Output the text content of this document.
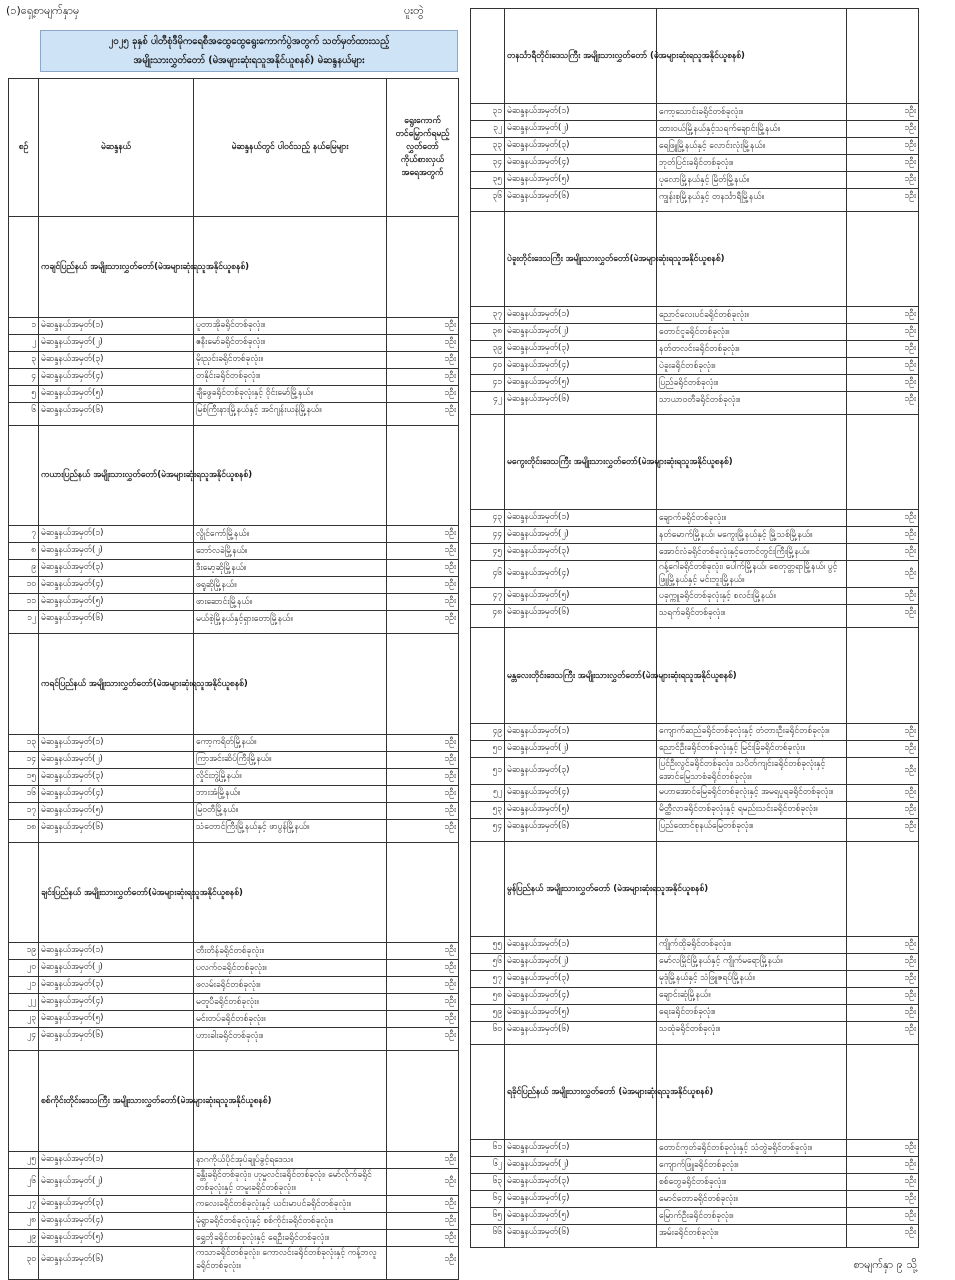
(၁)ရှေ့စာမျက်နှာမှ	ပူးတွဲ
၂၀၂၅ ခုနှစ် ပါတီစုံဒီမိုကရေစီအထွေထွေရွေးကောက်ပွဲအတွက် သတ်မှတ်ထားသည့်
အမျိုးသားလွှတ်တော် (မဲအများဆုံးရသူအနိုင်ယူစနစ်) မဲဆန္ဒနယ်များ
စဉ်	မဲဆန္ဒနယ်	မဲဆန္ဒနယ်တွင် ပါဝင်သည့် နယ်မြေများ	ရွေးကောက်တင်မြှောက်ရမည့် လွှတ်တော်ကိုယ်စားလှယ်အရေအတွက်
	ကချင်ပြည်နယ် အမျိုးသားလွှတ်တော်(မဲအများဆုံးရသူအနိုင်ယူစနစ်)		
၁	မဲဆန္ဒနယ်အမှတ်(၁)	ပူတာအိုခရိုင်တစ်ခုလုံး။	၁ဦး
၂	မဲဆန္ဒနယ်အမှတ်(၂)	ဧနီးမော်ခရိုင်တစ်ခုလုံး။	၁ဦး
၃	မဲဆန္ဒနယ်အမှတ်(၃)	မိုးညှင်းခရိုင်တစ်ခုလုံး။	၁ဦး
၄	မဲဆန္ဒနယ်အမှတ်(၄)	တနိုင်းခရိုင်တစ်ခုလုံး။	၁ဦး
၅	မဲဆန္ဒနယ်အမှတ်(၅)	ချီဖွေခရိုင်တစ်ခုလုံးနှင့် ဝိုင်းမော်မြို့နယ်။	၁ဦး
၆	မဲဆန္ဒနယ်အမှတ်(၆)	မြစ်ကြီးနားမြို့နယ်နှင့် အင်ဂျန်းယန်မြို့နယ်။	၁ဦး
	ကယားပြည်နယ် အမျိုးသားလွှတ်တော်(မဲအများဆုံးရသူအနိုင်ယူစနစ်)		
၇	မဲဆန္ဒနယ်အမှတ်(၁)	လွိုင်ကော်မြို့နယ်။	၁ဦး
၈	မဲဆန္ဒနယ်အမှတ်(၂)	ဘော်လခဲမြို့နယ်။	၁ဦး
၉	မဲဆန္ဒနယ်အမှတ်(၃)	ဒီးမော့ဆိုမြို့နယ်။	၁ဦး
၁၀	မဲဆန္ဒနယ်အမှတ်(၄)	ဖရူဆိုမြို့နယ်။	၁ဦး
၁၁	မဲဆန္ဒနယ်အမှတ်(၅)	ဖားဆောင်းမြို့နယ်။	၁ဦး
၁၂	မဲဆန္ဒနယ်အမှတ်(၆)	မယ်စဲ့မြို့နယ်နှင့်ရှားတောမြို့နယ်။	၁ဦး
	ကရင်ပြည်နယ် အမျိုးသားလွှတ်တော်(မဲအများဆုံးရသူအနိုင်ယူစနစ်)		
၁၃	မဲဆန္ဒနယ်အမှတ်(၁)	ကော့ကရိတ်မြို့နယ်။	၁ဦး
၁၄	မဲဆန္ဒနယ်အမှတ်(၂)	ကြာအင်းဆိပ်ကြီးမြို့နယ်။	၁ဦး
၁၅	မဲဆန္ဒနယ်အမှတ်(၃)	လှိုင်းဘွဲ့မြို့နယ်။	၁ဦး
၁၆	မဲဆန္ဒနယ်အမှတ်(၄)	ဘားအံမြို့နယ်။	၁ဦး
၁၇	မဲဆန္ဒနယ်အမှတ်(၅)	မြဝတီမြို့နယ်။	၁ဦး
၁၈	မဲဆန္ဒနယ်အမှတ်(၆)	သံတောင်ကြီးမြို့နယ်နှင့် ဖာပွန်မြို့နယ်။	၁ဦး
	ချင်းပြည်နယ် အမျိုးသားလွှတ်တော်(မဲအများဆုံးရသူအနိုင်ယူစနစ်)		
၁၉	မဲဆန္ဒနယ်အမှတ်(၁)	တီးတိန်ခရိုင်တစ်ခုလုံး။	၁ဦး
၂၀	မဲဆန္ဒနယ်အမှတ်(၂)	ပလက်ဝခရိုင်တစ်ခုလုံး။	၁ဦး
၂၁	မဲဆန္ဒနယ်အမှတ်(၃)	ဖလမ်းခရိုင်တစ်ခုလုံး။	၁ဦး
၂၂	မဲဆန္ဒနယ်အမှတ်(၄)	မတူပီခရိုင်တစ်ခုလုံး။	၁ဦး
၂၃	မဲဆန္ဒနယ်အမှတ်(၅)	မင်းတပ်ခရိုင်တစ်ခုလုံး။	၁ဦး
၂၄	မဲဆန္ဒနယ်အမှတ်(၆)	ဟားခါးခရိုင်တစ်ခုလုံး။	၁ဦး
	စစ်ကိုင်းတိုင်းဒေသကြီး အမျိုးသားလွှတ်တော်(မဲအများဆုံးရသူအနိုင်ယူစနစ်)		
၂၅	မဲဆန္ဒနယ်အမှတ်(၁)	နာဂကိုယ်ပိုင်အုပ်ချုပ်ခွင့်ရဒေသ။	၁ဦး
၂၆	မဲဆန္ဒနယ်အမှတ်(၂)	ခန္တီးခရိုင်တစ်ခုလုံး၊ ဟုမ္မလင်းခရိုင်တစ်ခုလုံး၊ မော်လိုက်ခရိုင်တစ်ခုလုံးနှင့် တမူးခရိုင်တစ်ခုလုံး။	၁ဦး
၂၇	မဲဆန္ဒနယ်အမှတ်(၃)	ကလေးခရိုင်တစ်ခုလုံးနှင့် ယင်းမာပင်ခရိုင်တစ်ခုလုံး။	၁ဦး
၂၈	မဲဆန္ဒနယ်အမှတ်(၄)	မုံရွာခရိုင်တစ်ခုလုံးနှင့် စစ်ကိုင်းခရိုင်တစ်ခုလုံး။	၁ဦး
၂၉	မဲဆန္ဒနယ်အမှတ်(၅)	ရွှေဘိုခရိုင်တစ်ခုလုံးနှင့် ရေဦးခရိုင်တစ်ခုလုံး။	၁ဦး
၃၀	မဲဆန္ဒနယ်အမှတ်(၆)	ကသာခရိုင်တစ်ခုလုံး၊ ကောလင်းခရိုင်တစ်ခုလုံးနှင့် ကန့်ဘလူခရိုင်တစ်ခုလုံး။	၁ဦး
	တနင်္သာရီတိုင်းဒေသကြီး အမျိုးသားလွှတ်တော် (မဲအများဆုံးရသူအနိုင်ယူစနစ်)		
၃၁	မဲဆန္ဒနယ်အမှတ်(၁)	ကော့သောင်းခရိုင်တစ်ခုလုံး။	၁ဦး
၃၂	မဲဆန္ဒနယ်အမှတ်(၂)	ထားဝယ်မြို့နယ်နှင့်သရက်ချောင်းမြို့နယ်။	၁ဦး
၃၃	မဲဆန္ဒနယ်အမှတ်(၃)	ရေဖြူမြို့နယ်နှင့် လောင်းလုံးမြို့နယ်။	၁ဦး
၃၄	မဲဆန္ဒနယ်အမှတ်(၄)	ဘုတ်ပြင်းခရိုင်တစ်ခုလုံး။	၁ဦး
၃၅	မဲဆန္ဒနယ်အမှတ်(၅)	ပုလောမြို့နယ်နှင့် မြိတ်မြို့နယ်။	၁ဦး
၃၆	မဲဆန္ဒနယ်အမှတ်(၆)	ကျွန်းစုမြို့နယ်နှင့် တနင်္သာရီမြို့နယ်။	၁ဦး
	ပဲခူးတိုင်းဒေသကြီး အမျိုးသားလွှတ်တော်(မဲအများဆုံးရသူအနိုင်ယူစနစ်)		
၃၇	မဲဆန္ဒနယ်အမှတ်(၁)	ညောင်လေးပင်ခရိုင်တစ်ခုလုံး။	၁ဦး
၃၈	မဲဆန္ဒနယ်အမှတ်(၂)	တောင်ငူခရိုင်တစ်ခုလုံး။	၁ဦး
၃၉	မဲဆန္ဒနယ်အမှတ်(၃)	နတ်တလင်းခရိုင်တစ်ခုလုံး။	၁ဦး
၄၀	မဲဆန္ဒနယ်အမှတ်(၄)	ပဲခူးခရိုင်တစ်ခုလုံး။	၁ဦး
၄၁	မဲဆန္ဒနယ်အမှတ်(၅)	ပြည်ခရိုင်တစ်ခုလုံး။	၁ဦး
၄၂	မဲဆန္ဒနယ်အမှတ်(၆)	သာယာဝတီခရိုင်တစ်ခုလုံး။	၁ဦး
	မကွေးတိုင်းဒေသကြီး အမျိုးသားလွှတ်တော်(မဲအများဆုံးရသူအနိုင်ယူစနစ်)		
၄၃	မဲဆန္ဒနယ်အမှတ်(၁)	ချောက်ခရိုင်တစ်ခုလုံး။	၁ဦး
၄၄	မဲဆန္ဒနယ်အမှတ်(၂)	နတ်မောက်မြို့နယ်၊ မကွေးမြို့နယ်နှင့် မြို့သစ်မြို့နယ်။	၁ဦး
၄၅	မဲဆန္ဒနယ်အမှတ်(၃)	အောင်လံခရိုင်တစ်ခုလုံးနှင့်တောင်တွင်းကြီးမြို့နယ်။	၁ဦး
၄၆	မဲဆန္ဒနယ်အမှတ်(၄)	ဂန့်ဂေါခရိုင်တစ်ခုလုံး၊ ပေါက်မြို့နယ်၊ စေတုတ္တရာမြို့နယ်၊ ပွင့်ဖြူမြို့နယ်နှင့် မင်းဘူးမြို့နယ်။	၁ဦး
၄၇	မဲဆန္ဒနယ်အမှတ်(၅)	ပခုက္ကူခရိုင်တစ်ခုလုံးနှင့် စလင်းမြို့နယ်။	၁ဦး
၄၈	မဲဆန္ဒနယ်အမှတ်(၆)	သရက်ခရိုင်တစ်ခုလုံး။	၁ဦး
	မန္တလေးတိုင်းဒေသကြီး အမျိုးသားလွှတ်တော်(မဲအများဆုံးရသူအနိုင်ယူစနစ်)		
၄၉	မဲဆန္ဒနယ်အမှတ်(၁)	ကျောက်ဆည်ခရိုင်တစ်ခုလုံးနှင့် တံတားဦးခရိုင်တစ်ခုလုံး။	၁ဦး
၅၀	မဲဆန္ဒနယ်အမှတ်(၂)	ညောင်ဦးခရိုင်တစ်ခုလုံးနှင့် မြင်းခြံခရိုင်တစ်ခုလုံး။	၁ဦး
၅၁	မဲဆန္ဒနယ်အမှတ်(၃)	ပြင်ဦးလွင်ခရိုင်တစ်ခုလုံး၊ သပိတ်ကျင်းခရိုင်တစ်ခုလုံးနှင့် အောင်မြေသာစံခရိုင်တစ်ခုလုံး။	၁ဦး
၅၂	မဲဆန္ဒနယ်အမှတ်(၄)	မဟာအောင်မြေခရိုင်တစ်ခုလုံးနှင့် အမရပူရခရိုင်တစ်ခုလုံး။	၁ဦး
၅၃	မဲဆန္ဒနယ်အမှတ်(၅)	မိတ္ထီလာခရိုင်တစ်ခုလုံးနှင့် ရမည်းသင်းခရိုင်တစ်ခုလုံး။	၁ဦး
၅၄	မဲဆန္ဒနယ်အမှတ်(၆)	ပြည်ထောင်စုနယ်မြေတစ်ခုလုံး။	၁ဦး
	မွန်ပြည်နယ် အမျိုးသားလွှတ်တော် (မဲအများဆုံးရသူအနိုင်ယူစနစ်)		
၅၅	မဲဆန္ဒနယ်အမှတ်(၁)	ကျိုက်ထိုခရိုင်တစ်ခုလုံး။	၁ဦး
၅၆	မဲဆန္ဒနယ်အမှတ်(၂)	မော်လမြိုင်မြို့နယ်နှင့် ကျိုက်မရောမြို့နယ်။	၁ဦး
၅၇	မဲဆန္ဒနယ်အမှတ်(၃)	မုဒုံမြို့နယ်နှင့် သံဖြူဇရပ်မြို့နယ်။	၁ဦး
၅၈	မဲဆန္ဒနယ်အမှတ်(၄)	ချောင်းဆုံမြို့နယ်။	၁ဦး
၅၉	မဲဆန္ဒနယ်အမှတ်(၅)	ရေးခရိုင်တစ်ခုလုံး။	၁ဦး
၆၀	မဲဆန္ဒနယ်အမှတ်(၆)	သထုံခရိုင်တစ်ခုလုံး။	၁ဦး
	ရခိုင်ပြည်နယ် အမျိုးသားလွှတ်တော် (မဲအများဆုံးရသူအနိုင်ယူစနစ်)		
၆၁	မဲဆန္ဒနယ်အမှတ်(၁)	တောင်ကုတ်ခရိုင်တစ်ခုလုံးနှင့် သံတွဲခရိုင်တစ်ခုလုံး။	၁ဦး
၆၂	မဲဆန္ဒနယ်အမှတ်(၂)	ကျောက်ဖြူခရိုင်တစ်ခုလုံး။	၁ဦး
၆၃	မဲဆန္ဒနယ်အမှတ်(၃)	စစ်တွေခရိုင်တစ်ခုလုံး။	၁ဦး
၆၄	မဲဆန္ဒနယ်အမှတ်(၄)	မောင်တောခရိုင်တစ်ခုလုံး။	၁ဦး
၆၅	မဲဆန္ဒနယ်အမှတ်(၅)	မြောက်ဦးခရိုင်တစ်ခုလုံး။	၁ဦး
၆၆	မဲဆန္ဒနယ်အမှတ်(၆)	အမ်းခရိုင်တစ်ခုလုံး။	၁ဦး
စာမျက်နှာ ၉ သို့
